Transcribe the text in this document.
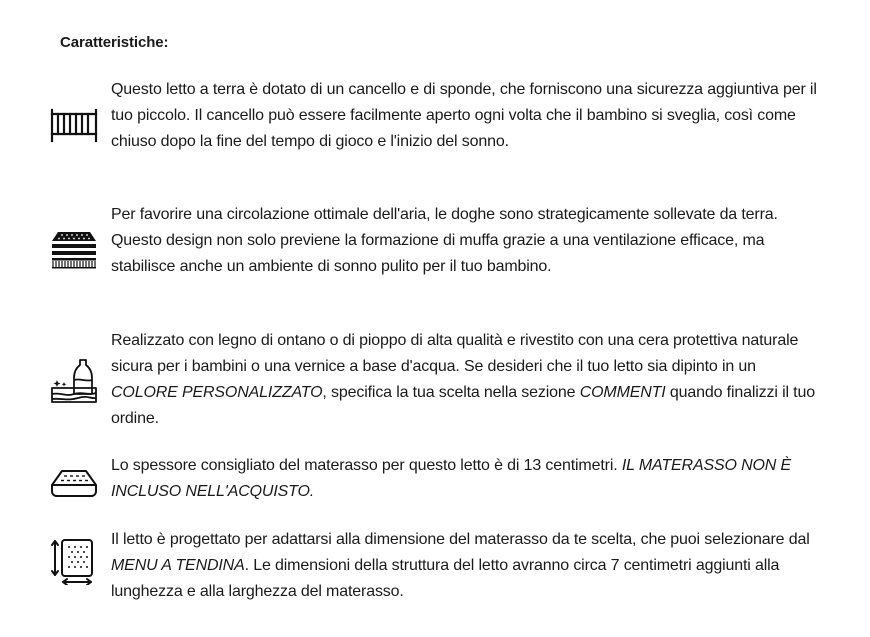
Caratteristiche:
Questo letto a terra è dotato di un cancello e di sponde, che forniscono una sicurezza aggiuntiva per il tuo piccolo. Il cancello può essere facilmente aperto ogni volta che il bambino si sveglia, così come chiuso dopo la fine del tempo di gioco e l'inizio del sonno.
Per favorire una circolazione ottimale dell'aria, le doghe sono strategicamente sollevate da terra. Questo design non solo previene la formazione di muffa grazie a una ventilazione efficace, ma stabilisce anche un ambiente di sonno pulito per il tuo bambino.
Realizzato con legno di ontano o di pioppo di alta qualità e rivestito con una cera protettiva naturale sicura per i bambini o una vernice a base d'acqua. Se desideri che il tuo letto sia dipinto in un COLORE PERSONALIZZATO, specifica la tua scelta nella sezione COMMENTI quando finalizzi il tuo ordine.
Lo spessore consigliato del materasso per questo letto è di 13 centimetri. IL MATERASSO NON È INCLUSO NELL'ACQUISTO.
Il letto è progettato per adattarsi alla dimensione del materasso da te scelta, che puoi selezionare dal MENU A TENDINA. Le dimensioni della struttura del letto avranno circa 7 centimetri aggiunti alla lunghezza e alla larghezza del materasso.
